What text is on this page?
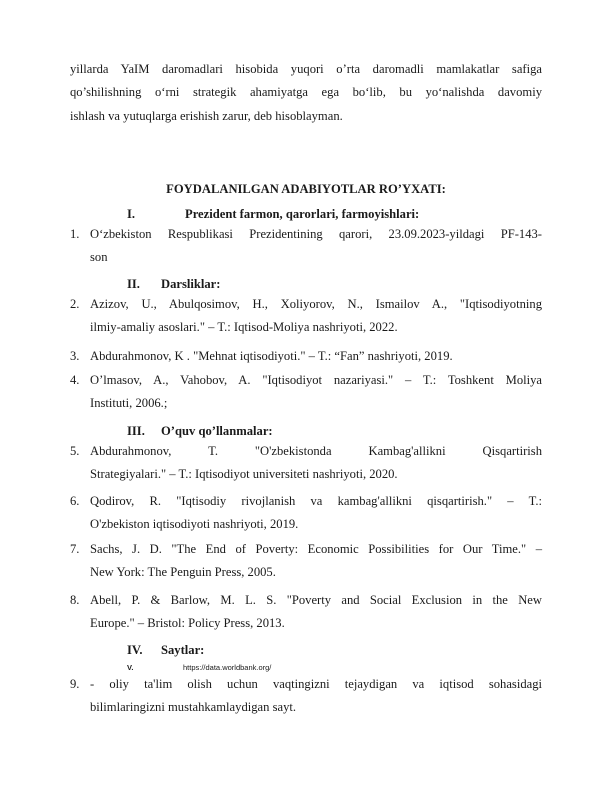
yillarda YaIM daromadlari hisobida yuqori o’rta daromadli mamlakatlar safiga
qo’shilishning o‘rni strategik ahamiyatga ega bo‘lib, bu yo‘nalishda davomiy
ishlash va yutuqlarga erishish zarur, deb hisoblayman.
FOYDALANILGAN ADABIYOTLAR RO’YXATI:
I.	Prezident farmon, qarorlari, farmoyishlari:
1. O‘zbekiston Respublikasi Prezidentining qarori, 23.09.2023-yildagi PF-143-
son
II. Darsliklar:
2. Azizov, U., Abulqosimov, H., Xoliyorov, N., Ismailov A., "Iqtisodiyotning
ilmiy-amaliy asoslari." – T.: Iqtisod-Moliya nashriyoti, 2022.
3. Abdurahmonov, K . "Mehnat iqtisodiyoti." – T.: “Fan” nashriyoti, 2019.
4. O’lmasov, A., Vahobov, A. "Iqtisodiyot nazariyasi." – T.: Toshkent Moliya
Instituti, 2006.;
III. O’quv qo’llanmalar:
5. Abdurahmonov, T. "O'zbekistonda Kambag'allikni Qisqartirish
Strategiyalari." – T.: Iqtisodiyot universiteti nashriyoti, 2020.
6. Qodirov, R. "Iqtisodiy rivojlanish va kambag'allikni qisqartirish." – T.:
O'zbekiston iqtisodiyoti nashriyoti, 2019.
7. Sachs, J. D. "The End of Poverty: Economic Possibilities for Our Time." –
New York: The Penguin Press, 2005.
8. Abell, P. & Barlow, M. L. S. "Poverty and Social Exclusion in the New
Europe." – Bristol: Policy Press, 2013.
IV. Saytlar:
V.	https://data.worldbank.org/
9. - oliy ta'lim olish uchun vaqtingizni tejaydigan va iqtisod sohasidagi
bilimlaringizni mustahkamlaydigan sayt.
